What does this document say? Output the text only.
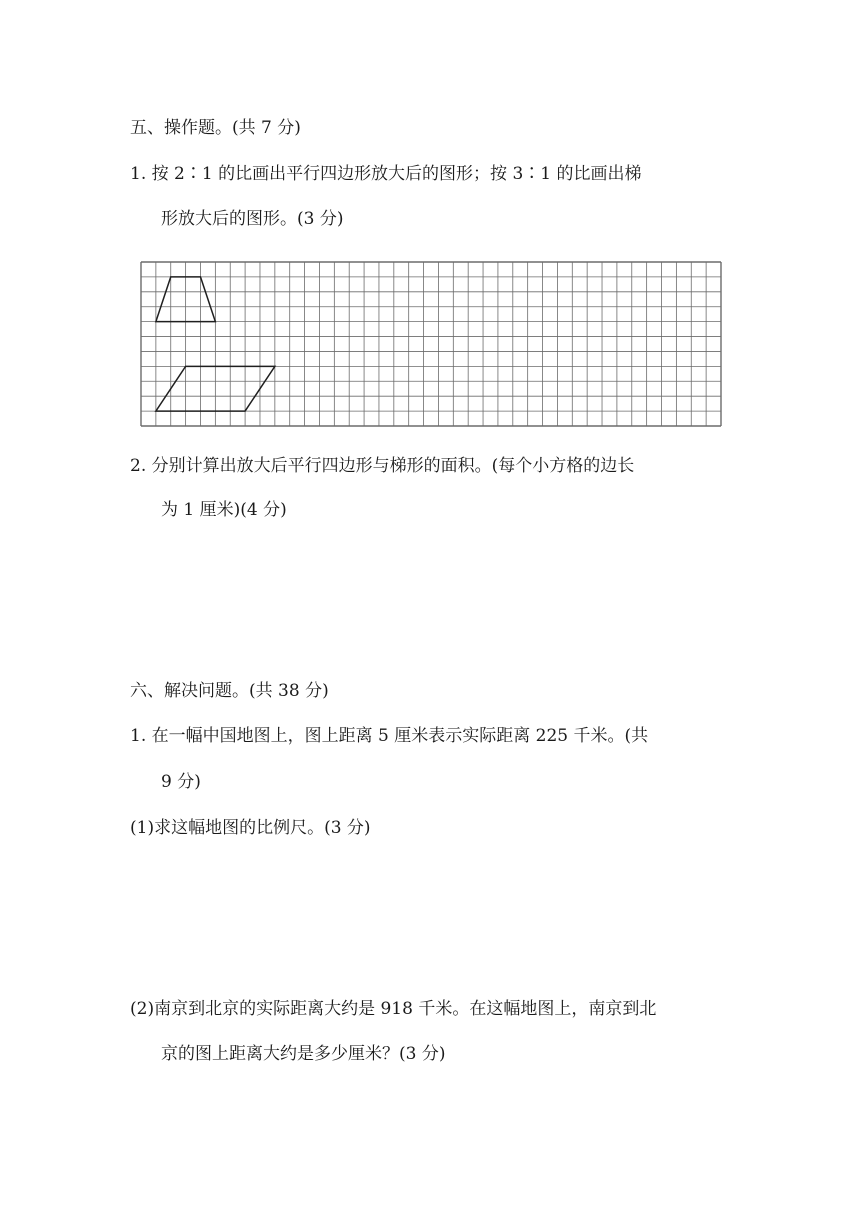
五、操作题。(共 7 分)
1. 按 2∶1 的比画出平行四边形放大后的图形；按 3∶1 的比画出梯
形放大后的图形。(3 分)
2. 分别计算出放大后平行四边形与梯形的面积。(每个小方格的边长
为 1 厘米)(4 分)
六、解决问题。(共 38 分)
1. 在一幅中国地图上，图上距离 5 厘米表示实际距离 225 千米。(共
9 分)
(1)求这幅地图的比例尺。(3 分)
(2)南京到北京的实际距离大约是 918 千米。在这幅地图上，南京到北
京的图上距离大约是多少厘米？(3 分)
